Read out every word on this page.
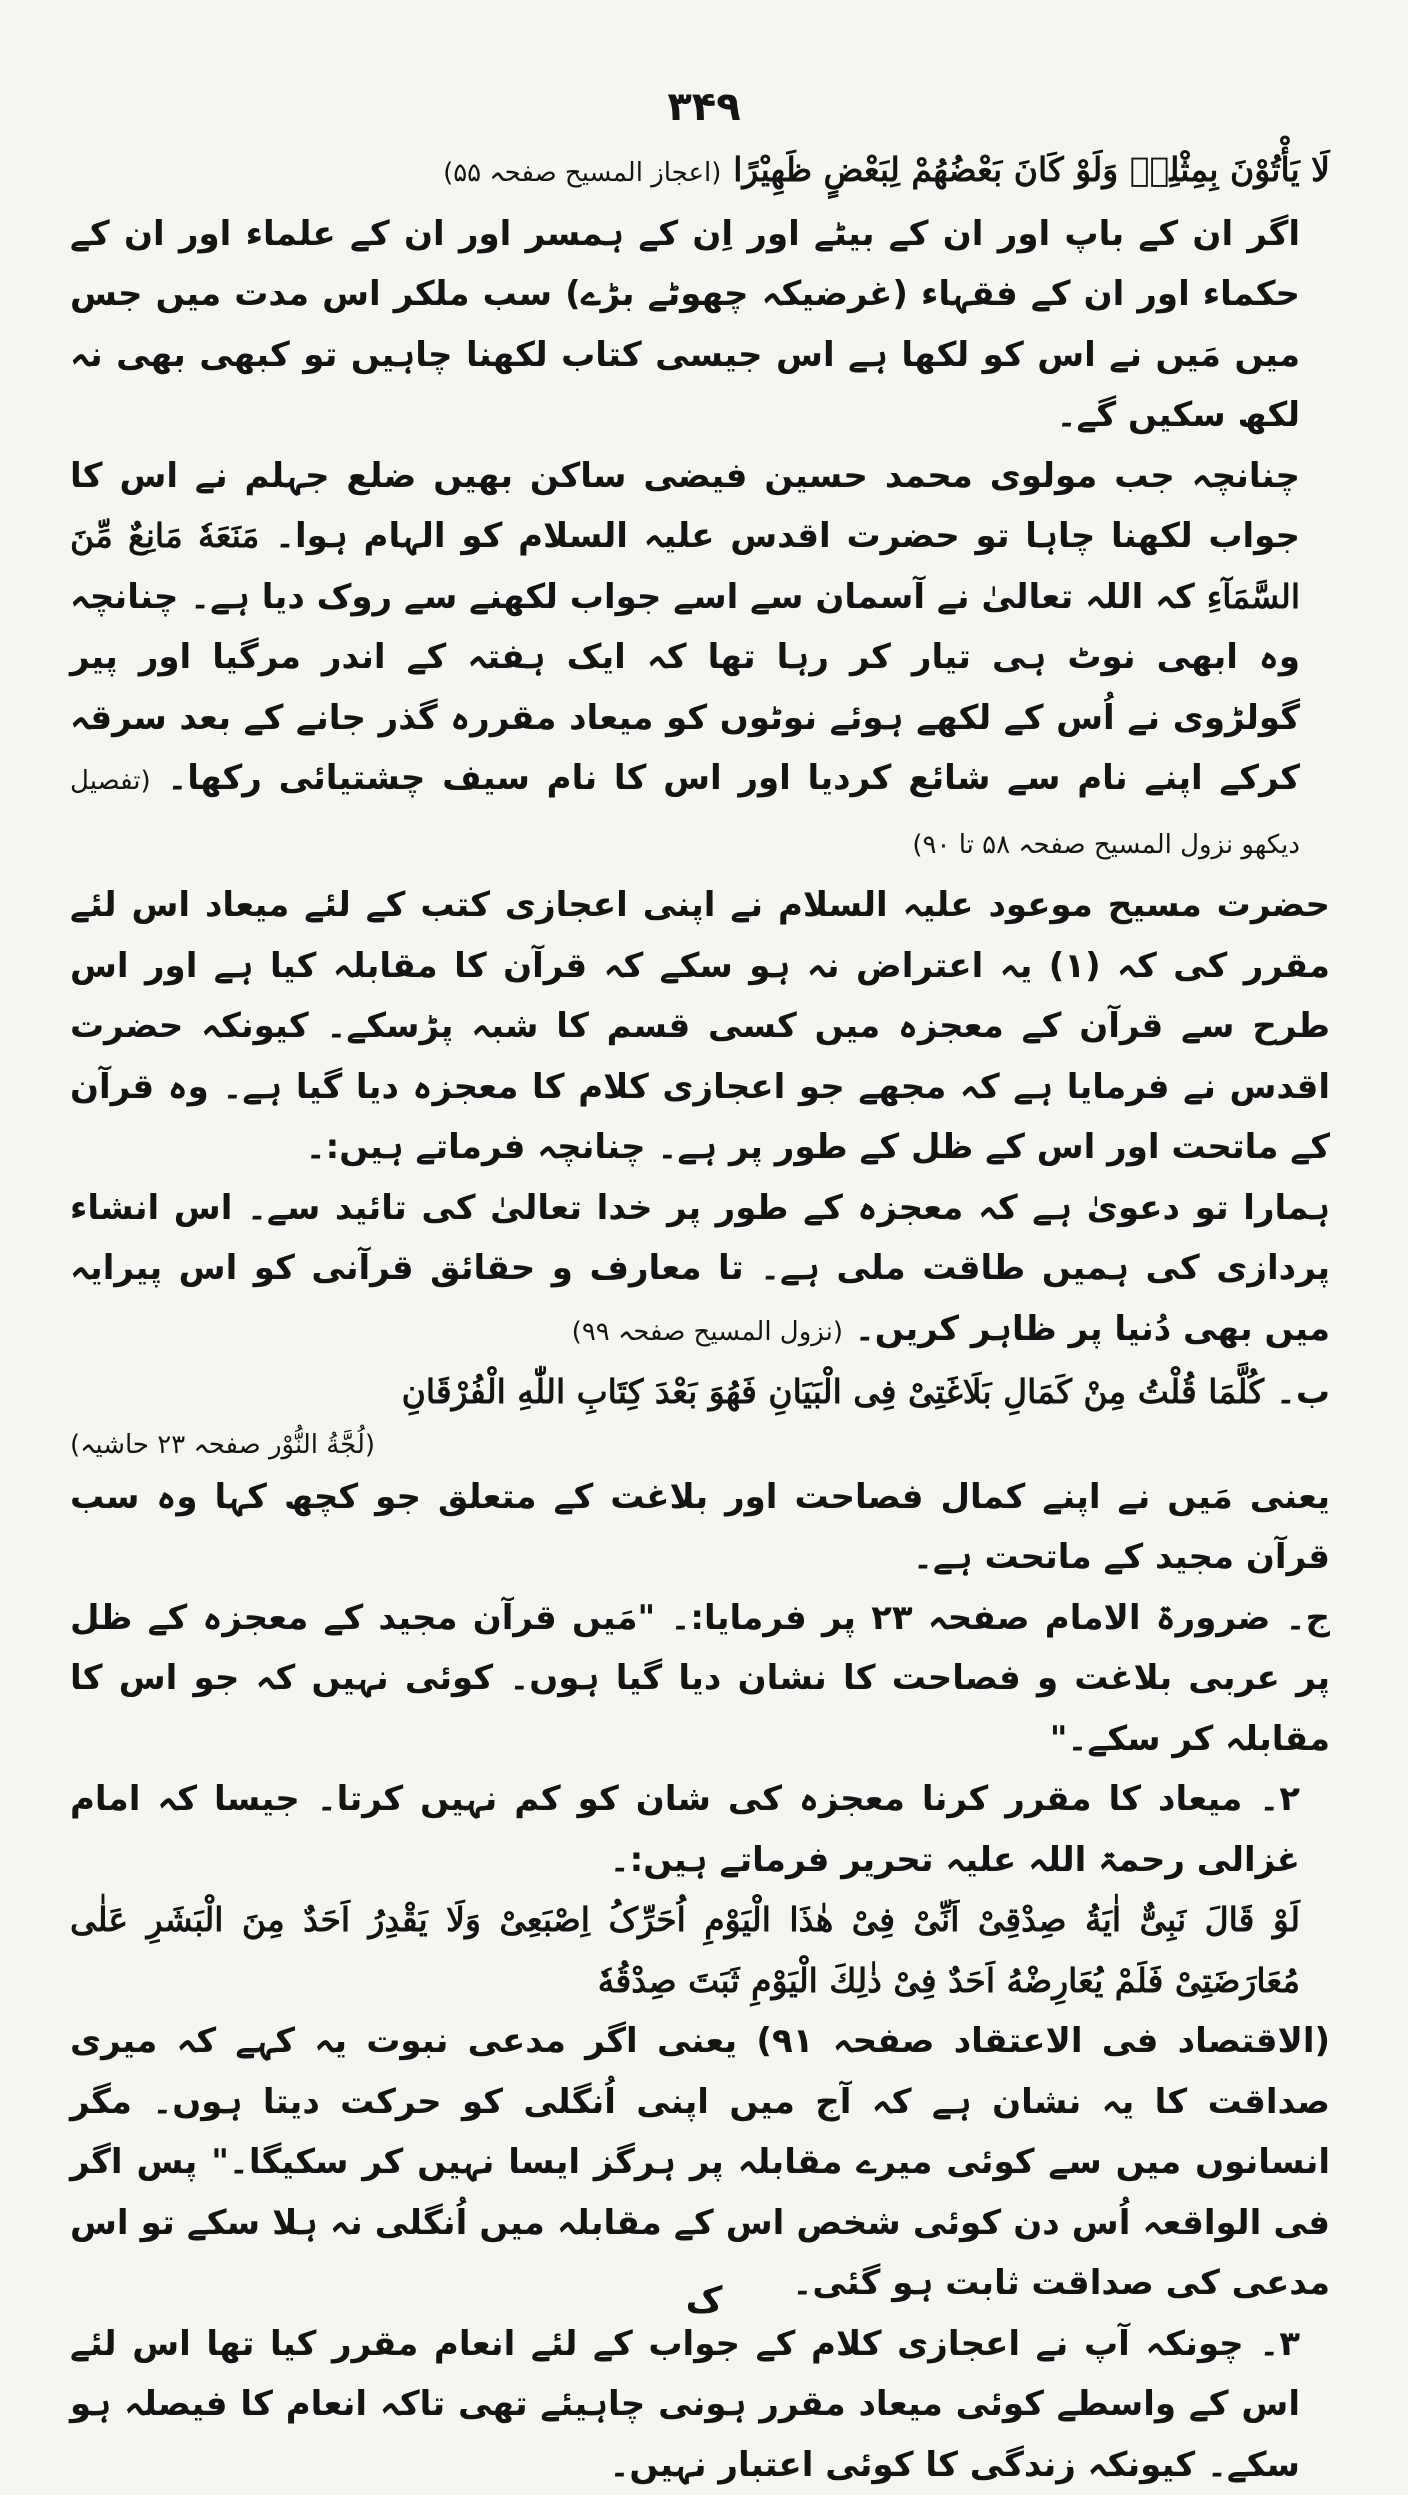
۳۴۹

لَا یَأْتُوْنَ بِمِثْلِهٖ وَلَوْ کَانَ بَعْضُهُمْ لِبَعْضٍ ظَهِیْرًا (اعجاز المسیح صفحہ ۵۵)

اگر ان کے باپ اور ان کے بیٹے اور اِن کے ہمسر اور ان کے علماء اور ان کے حکماء اور ان کے فقہاء (غرضیکہ چھوٹے بڑے) سب ملکر اس مدت میں جس میں مَیں نے اس کو لکھا ہے اس جیسی کتاب لکھنا چاہیں تو کبھی بھی نہ لکھ سکیں گے۔

چنانچہ جب مولوی محمد حسین فیضی ساکن بھیں ضلع جہلم نے اس کا جواب لکھنا چاہا تو حضرت اقدس علیہ السلام کو الہام ہوا۔ مَنَعَهٗ مَانِعٌ مِّنَ السَّمَآءِ کہ اللہ تعالیٰ نے آسمان سے اسے جواب لکھنے سے روک دیا ہے۔ چنانچہ وہ ابھی نوٹ ہی تیار کر رہا تھا کہ ایک ہفتہ کے اندر مرگیا اور پیر گولڑوی نے اُس کے لکھے ہوئے نوٹوں کو میعاد مقررہ گذر جانے کے بعد سرقہ کرکے اپنے نام سے شائع کردیا اور اس کا نام سیف چشتیائی رکھا۔ (تفصیل دیکھو نزول المسیح صفحہ ۵۸ تا ۹۰)

حضرت مسیح موعود علیہ السلام نے اپنی اعجازی کتب کے لئے میعاد اس لئے مقرر کی کہ (۱) یہ اعتراض نہ ہو سکے کہ قرآن کا مقابلہ کیا ہے اور اس طرح سے قرآن کے معجزہ میں کسی قسم کا شبہ پڑسکے۔ کیونکہ حضرت اقدس نے فرمایا ہے کہ مجھے جو اعجازی کلام کا معجزہ دیا گیا ہے۔ وہ قرآن کے ماتحت اور اس کے ظل کے طور پر ہے۔ چنانچہ فرماتے ہیں:۔

ہمارا تو دعویٰ ہے کہ معجزہ کے طور پر خدا تعالیٰ کی تائید سے۔ اس انشاء پردازی کی ہمیں طاقت ملی ہے۔ تا معارف و حقائق قرآنی کو اس پیرایہ میں بھی دُنیا پر ظاہر کریں۔ (نزول المسیح صفحہ ۹۹)

ب۔ کُلَّمَا قُلْتُ مِنْ کَمَالِ بَلَاغَتِیْ فِی الْبَیَانِ فَهُوَ بَعْدَ کِتَابِ اللّٰهِ الْفُرْقَانِ

(لُجَّةُ النُّوْر صفحہ ۲۳ حاشیہ)

یعنی مَیں نے اپنے کمال فصاحت اور بلاغت کے متعلق جو کچھ کہا وہ سب قرآن مجید کے ماتحت ہے۔

ج۔ ضرورۃ الامام صفحہ ۲۳ پر فرمایا:۔ "مَیں قرآن مجید کے معجزہ کے ظل پر عربی بلاغت و فصاحت کا نشان دیا گیا ہوں۔ کوئی نہیں کہ جو اس کا مقابلہ کر سکے۔"

۲۔ میعاد کا مقرر کرنا معجزہ کی شان کو کم نہیں کرتا۔ جیسا کہ امام غزالی رحمۃ اللہ علیہ تحریر فرماتے ہیں:۔

لَوْ قَالَ نَبِیٌّ اٰیَةُ صِدْقِیْ اَنِّیْ فِیْ هٰذَا الْیَوْمِ اُحَرِّکُ اِصْبَعِیْ وَلَا یَقْدِرُ اَحَدٌ مِنَ الْبَشَرِ عَلٰی مُعَارَضَتِیْ فَلَمْ یُعَارِضْهُ اَحَدٌ فِیْ ذٰلِكَ الْیَوْمِ ثَبَتَ صِدْقُهٗ

(الاقتصاد فی الاعتقاد صفحہ ۹۱) یعنی اگر مدعی نبوت یہ کہے کہ میری صداقت کا یہ نشان ہے کہ آج میں اپنی اُنگلی کو حرکت دیتا ہوں۔ مگر انسانوں میں سے کوئی میرے مقابلہ پر ہرگز ایسا نہیں کر سکیگا۔" پس اگر فی الواقعہ اُس دن کوئی شخص اس کے مقابلہ میں اُنگلی نہ ہلا سکے تو اس مدعی کی صداقت ثابت ہو گئی۔

۳۔ چونکہ آپ نے اعجازی کلام کے جواب کے لئے انعام مقرر کیا تھا اس لئے اس کے واسطے کوئی میعاد مقرر ہونی چاہیئے تھی تاکہ انعام کا فیصلہ ہو سکے۔ کیونکہ زندگی کا کوئی اعتبار نہیں۔

ک
